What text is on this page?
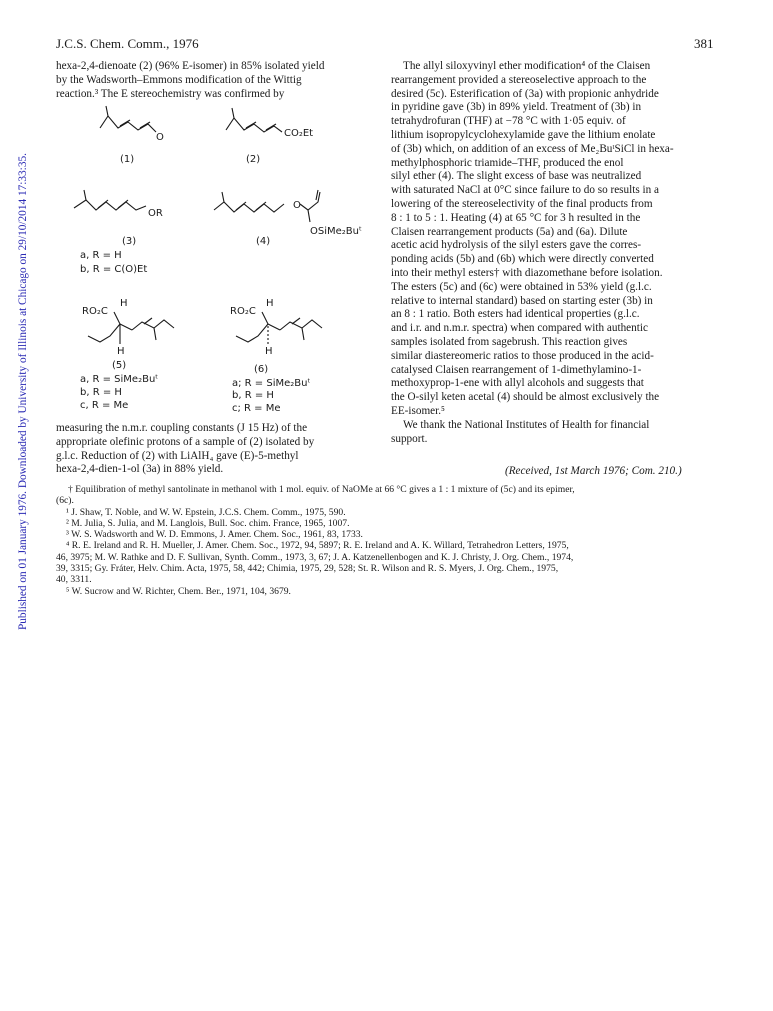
Published on 01 January 1976. Downloaded by University of Illinois at Chicago on 29/10/2014 17:33:35.
J.C.S. Chem. Comm., 1976	381

hexa-2,4-dienoate (2) (96% E-isomer) in 85% isolated yield

by the Wadsworth–Emmons modification of the Wittig

reaction.³ The E stereochemistry was confirmed by

O	CO₂Et
OR
O
OSiMe₂Buᵗ
RO₂C
H
H
RO₂C
H
H
(1)	(2)
(3)	(4)
a, R = H
b, R = C(O)Et
(5)	(6)
a, R = SiMe₂Buᵗ
b, R = H
c, R = Me
a; R = SiMe₂Buᵗ
b, R = H
c; R = Me

measuring the n.m.r. coupling constants (J 15 Hz) of the

appropriate olefinic protons of a sample of (2) isolated by

g.l.c. Reduction of (2) with LiAlH₄ gave (E)-5-methyl

hexa-2,4-dien-1-ol (3a) in 88% yield.

The allyl siloxyvinyl ether modification⁴ of the Claisen

rearrangement provided a stereoselective approach to the

desired (5c). Esterification of (3a) with propionic anhydride

in pyridine gave (3b) in 89% yield. Treatment of (3b) in

tetrahydrofuran (THF) at −78 °C with 1·05 equiv. of

lithium isopropylcyclohexylamide gave the lithium enolate

of (3b) which, on addition of an excess of Me₂BuᵗSiCl in hexa-

methylphosphoric triamide–THF, produced the enol

silyl ether (4). The slight excess of base was neutralized

with saturated NaCl at 0°C since failure to do so results in a

lowering of the stereoselectivity of the final products from

8 : 1 to 5 : 1. Heating (4) at 65 °C for 3 h resulted in the

Claisen rearrangement products (5a) and (6a). Dilute

acetic acid hydrolysis of the silyl esters gave the corres-

ponding acids (5b) and (6b) which were directly converted

into their methyl esters† with diazomethane before isolation.

The esters (5c) and (6c) were obtained in 53% yield (g.l.c.

relative to internal standard) based on starting ester (3b) in

an 8 : 1 ratio. Both esters had identical properties (g.l.c.

and i.r. and n.m.r. spectra) when compared with authentic

samples isolated from sagebrush. This reaction gives

similar diastereomeric ratios to those produced in the acid-

catalysed Claisen rearrangement of 1-dimethylamino-1-

methoxyprop-1-ene with allyl alcohols and suggests that

the O-silyl keten acetal (4) should be almost exclusively the

EE-isomer.⁵

We thank the National Institutes of Health for financial

support.

(Received, 1st March 1976; Com. 210.)
† Equilibration of methyl santolinate in methanol with 1 mol. equiv. of NaOMe at 66 °C gives a 1 : 1 mixture of (5c) and its epimer,
(6c).
¹ J. Shaw, T. Noble, and W. W. Epstein, J.C.S. Chem. Comm., 1975, 590.
² M. Julia, S. Julia, and M. Langlois, Bull. Soc. chim. France, 1965, 1007.
³ W. S. Wadsworth and W. D. Emmons, J. Amer. Chem. Soc., 1961, 83, 1733.
⁴ R. E. Ireland and R. H. Mueller, J. Amer. Chem. Soc., 1972, 94, 5897; R. E. Ireland and A. K. Willard, Tetrahedron Letters, 1975,
46, 3975; M. W. Rathke and D. F. Sullivan, Synth. Comm., 1973, 3, 67; J. A. Katzenellenbogen and K. J. Christy, J. Org. Chem., 1974,
39, 3315; Gy. Fráter, Helv. Chim. Acta, 1975, 58, 442; Chimia, 1975, 29, 528; St. R. Wilson and R. S. Myers, J. Org. Chem., 1975,
40, 3311.
⁵ W. Sucrow and W. Richter, Chem. Ber., 1971, 104, 3679.
